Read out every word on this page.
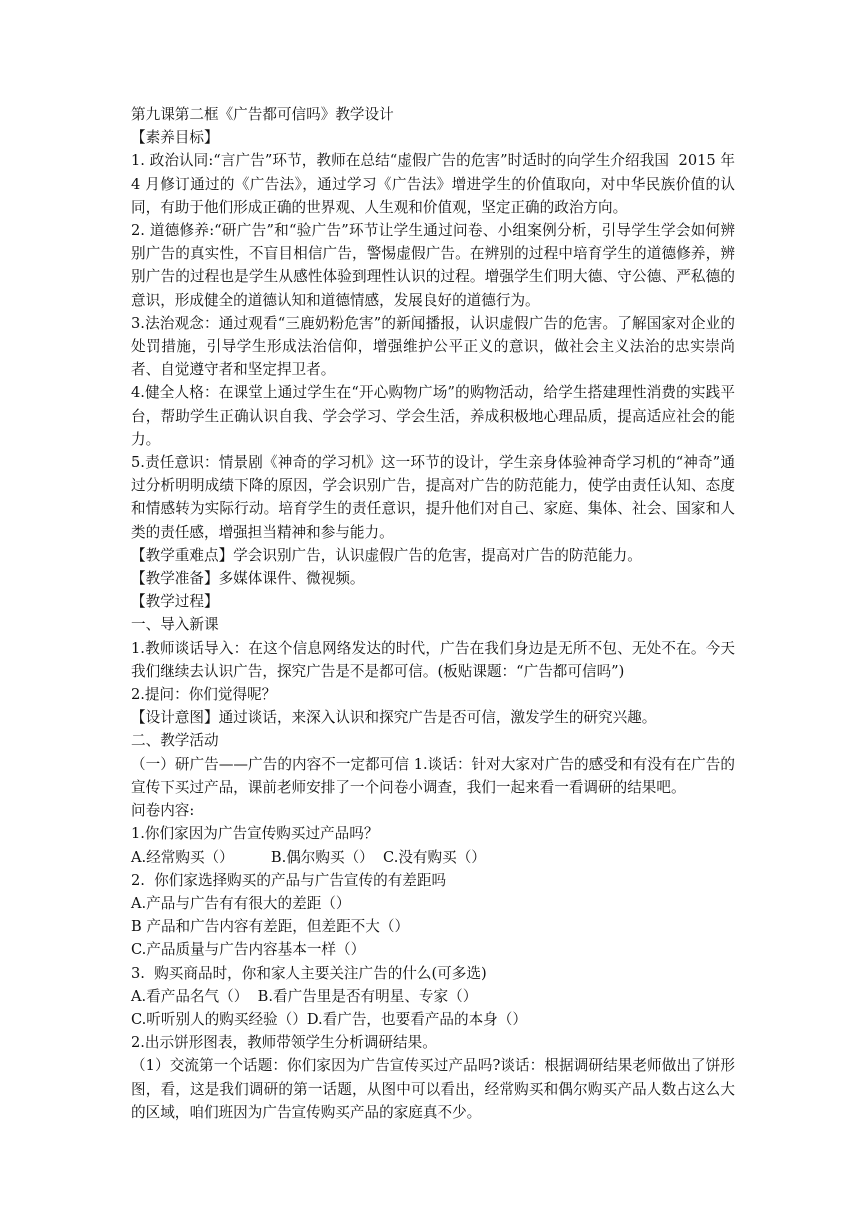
第九课第二框《广告都可信吗》教学设计
【素养目标】
1. 政治认同:“言广告”环节，教师在总结“虚假广告的危害”时适时的向学生介绍我国  2015 年  4 月修订通过的《广告法》，通过学习《广告法》增进学生的价值取向，对中华民族价值的认同，有助于他们形成正确的世界观、人生观和价值观，坚定正确的政治方向。
2. 道德修养:“研广告”和“验广告”环节让学生通过问卷、小组案例分析，引导学生学会如何辨别广告的真实性，不盲目相信广告，警惕虚假广告。在辨别的过程中培育学生的道德修养，辨别广告的过程也是学生从感性体验到理性认识的过程。增强学生们明大德、守公德、严私德的意识，形成健全的道德认知和道德情感，发展良好的道德行为。
3.法治观念：通过观看“三鹿奶粉危害”的新闻播报，认识虚假广告的危害。了解国家对企业的处罚措施，引导学生形成法治信仰，增强维护公平正义的意识，做社会主义法治的忠实崇尚者、自觉遵守者和坚定捍卫者。
4.健全人格：在课堂上通过学生在“开心购物广场”的购物活动，给学生搭建理性消费的实践平台，帮助学生正确认识自我、学会学习、学会生活，养成积极地心理品质，提高适应社会的能力。
5.责任意识：情景剧《神奇的学习机》这一环节的设计，学生亲身体验神奇学习机的“神奇”通过分析明明成绩下降的原因，学会识别广告，提高对广告的防范能力，使学由责任认知、态度和情感转为实际行动。培育学生的责任意识，提升他们对自己、家庭、集体、社会、国家和人类的责任感，增强担当精神和参与能力。
【教学重难点】学会识别广告，认识虚假广告的危害，提高对广告的防范能力。
【教学准备】多媒体课件、微视频。
【教学过程】
一、导入新课
1.教师谈话导入：在这个信息网络发达的时代，广告在我们身边是无所不包、无处不在。今天我们继续去认识广告，探究广告是不是都可信。(板贴课题：“广告都可信吗”)
2.提问：你们觉得呢？
【设计意图】通过谈话，来深入认识和探究广告是否可信，激发学生的研究兴趣。
二、教学活动
（一）研广告——广告的内容不一定都可信 1.谈话：针对大家对广告的感受和有没有在广告的宣传下买过产品，课前老师安排了一个问卷小调查，我们一起来看一看调研的结果吧。
问卷内容:
1.你们家因为广告宣传购买过产品吗？
A.经常购买（）        B.偶尔购买（）  C.没有购买（）
2.  你们家选择购买的产品与广告宣传的有差距吗
A.产品与广告有有很大的差距（）
B 产品和广告内容有差距，但差距不大（）
C.产品质量与广告内容基本一样（）
3.  购买商品时，你和家人主要关注广告的什么(可多选)
A.看产品名气（）  B.看广告里是否有明星、专家（）
C.听听别人的购买经验（）D.看广告，也要看产品的本身（）
2.出示饼形图表，教师带领学生分析调研结果。
（1）交流第一个话题：你们家因为广告宣传买过产品吗?谈话：根据调研结果老师做出了饼形图，看，这是我们调研的第一话题，从图中可以看出，经常购买和偶尔购买产品人数占这么大的区域，咱们班因为广告宣传购买产品的家庭真不少。
